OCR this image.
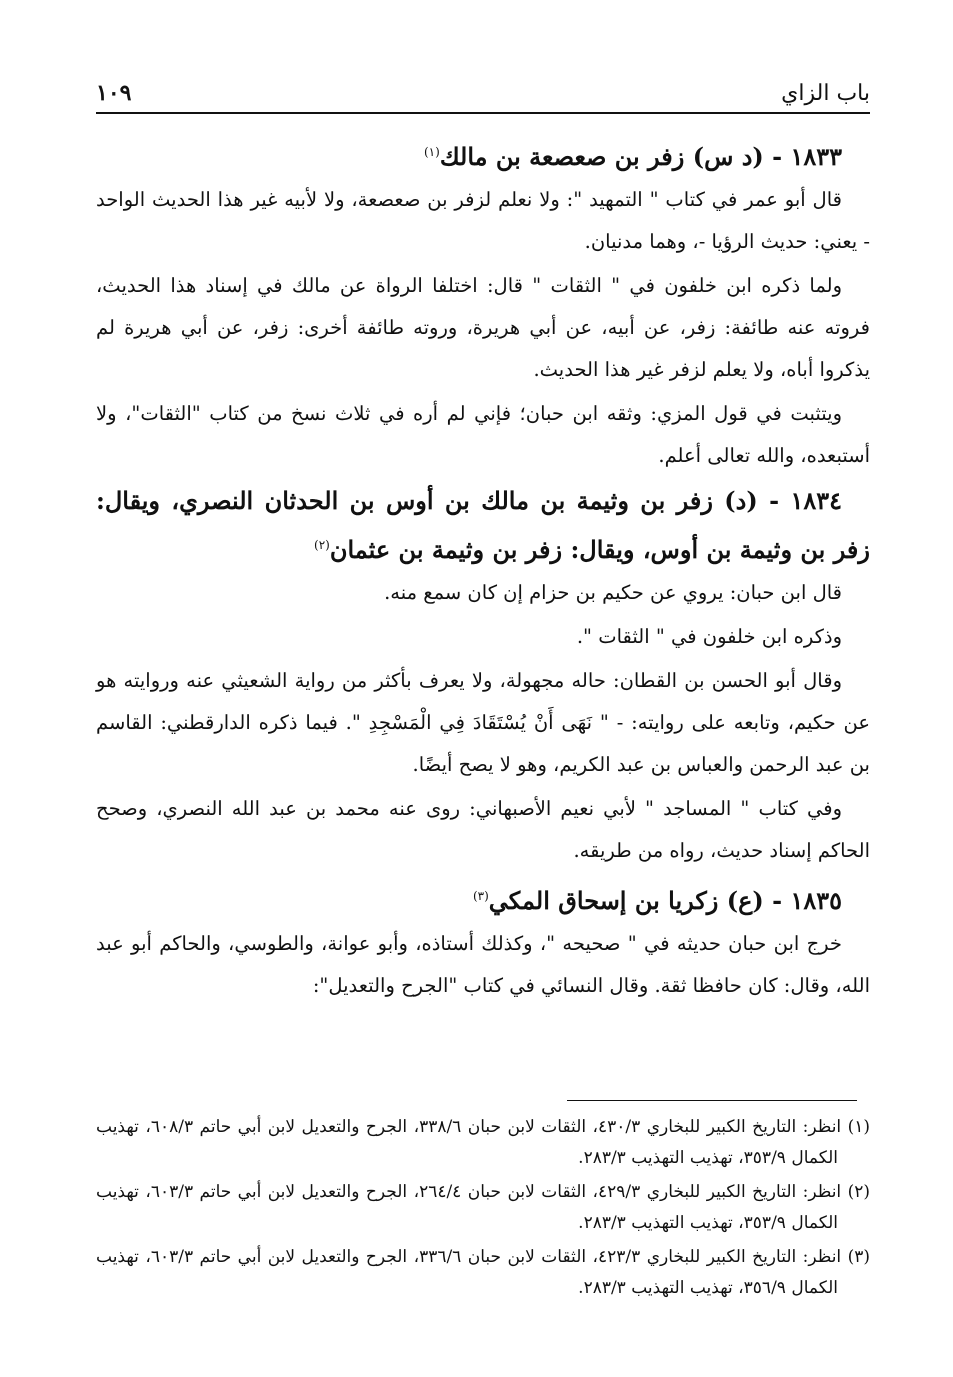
باب الزاي
١٠٩
١٨٣٣ - (د س) زفر بن صعصعة بن مالك$^{(١)}$

قال أبو عمر في كتاب " التمهيد ": ولا نعلم لزفر بن صعصعة، ولا لأبيه غير هذا الحديث الواحد - يعني: حديث الرؤيا -، وهما مدنيان.

ولما ذكره ابن خلفون في " الثقات " قال: اختلفا الرواة عن مالك في إسناد هذا الحديث، فروته عنه طائفة: زفر، عن أبيه، عن أبي هريرة، وروته طائفة أخرى: زفر، عن أبي هريرة لم يذكروا أباه، ولا يعلم لزفر غير هذا الحديث.

ويتثبت في قول المزي: وثقه ابن حبان؛ فإني لم أره في ثلاث نسخ من كتاب "الثقات"، ولا أستبعده، والله تعالى أعلم.

١٨٣٤ - (د) زفر بن وثيمة بن مالك بن أوس بن الحدثان النصري، ويقال: زفر بن وثيمة بن أوس، ويقال: زفر بن وثيمة بن عثمان$^{(٢)}$

قال ابن حبان: يروي عن حكيم بن حزام إن كان سمع منه.

وذكره ابن خلفون في " الثقات ".

وقال أبو الحسن بن القطان: حاله مجهولة، ولا يعرف بأكثر من رواية الشعيثي عنه وروايته هو عن حكيم، وتابعه على روايته: - " نَهَى أَنْ يُسْتَقَادَ فِي الْمَسْجِدِ ". فيما ذكره الدارقطني: القاسم بن عبد الرحمن والعباس بن عبد الكريم، وهو لا يصح أيضًا.

وفي كتاب " المساجد " لأبي نعيم الأصبهاني: روى عنه محمد بن عبد الله النصري، وصحح الحاكم إسناد حديث، رواه من طريقه.

١٨٣٥ - (ع) زكريا بن إسحاق المكي$^{(٣)}$

خرج ابن حبان حديثه في " صحيحه "، وكذلك أستاذه، وأبو عوانة، والطوسي، والحاكم أبو عبد الله، وقال: كان حافظا ثقة. وقال النسائي في كتاب "الجرح والتعديل":

(١) انظر: التاريخ الكبير للبخاري ٤٣٠/٣، الثقات لابن حبان ٣٣٨/٦، الجرح والتعديل لابن أبي حاتم ٦٠٨/٣، تهذيب الكمال ٣٥٣/٩، تهذيب التهذيب ٢٨٣/٣.

(٢) انظر: التاريخ الكبير للبخاري ٤٢٩/٣، الثقات لابن حبان ٢٦٤/٤، الجرح والتعديل لابن أبي حاتم ٦٠٣/٣، تهذيب الكمال ٣٥٣/٩، تهذيب التهذيب ٢٨٣/٣.

(٣) انظر: التاريخ الكبير للبخاري ٤٢٣/٣، الثقات لابن حبان ٣٣٦/٦، الجرح والتعديل لابن أبي حاتم ٦٠٣/٣، تهذيب الكمال ٣٥٦/٩، تهذيب التهذيب ٢٨٣/٣.
